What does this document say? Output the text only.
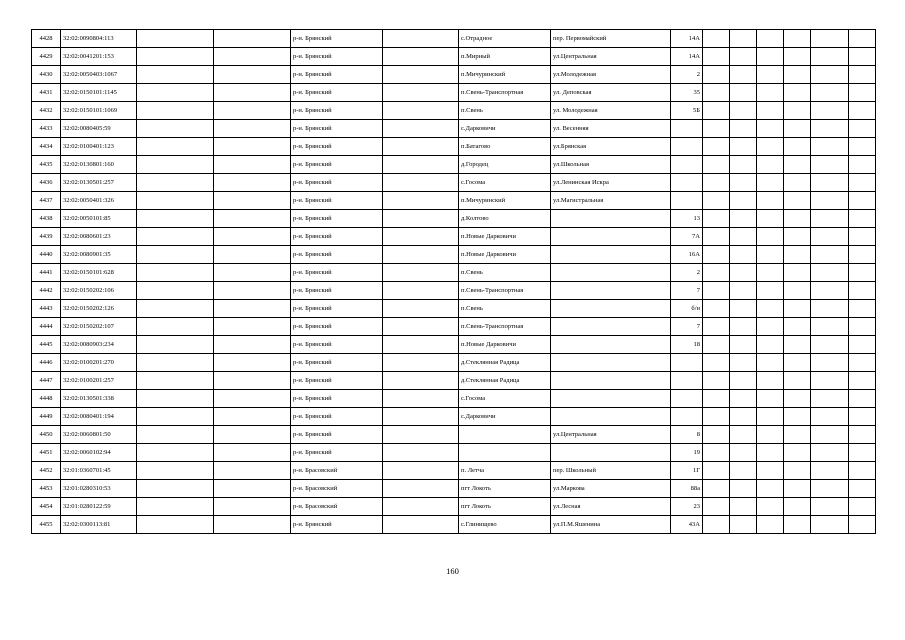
4428	32:02:0090804:113			р-н. Брянский		с.Отрадное	пер. Первомайский	14А						
4429	32:02:0041201:153			р-н. Брянский		п.Мирный	ул.Центральная	14А						
4430	32:02:0050403:1067			р-н. Брянский		п.Мичуринский	ул.Молодежная	2						
4431	32:02:0150101:1145			р-н. Брянский		п.Свень-Транспортная	ул. Деповская	35						
4432	32:02:0150101:1069			р-н. Брянский		п.Свень	ул. Молодежная	5Б						
4433	32:02:0080405:59			р-н. Брянский		с.Дарковичи	ул. Весенняя							
4434	32:02:0100401:123			р-н. Брянский		п.Батагово	ул.Брянская							
4435	32:02:0130801:160			р-н. Брянский		д.Городец	ул.Школьная							
4436	32:02:0130501:257			р-н. Брянский		с.Госома	ул.Ленинская Искра							
4437	32:02:0050401:326			р-н. Брянский		п.Мичуринский	ул.Магистральная							
4438	32:02:0050101:85			р-н. Брянский		д.Колтово		13						
4439	32:02:0080601:23			р-н. Брянский		п.Новые Дарковичи		7А						
4440	32:02:0080901:35			р-н. Брянский		п.Новые Дарковичи		16А						
4441	32:02:0150101:628			р-н. Брянский		п.Свень		2						
4442	32:02:0150202:106			р-н. Брянский		п.Свень-Транспортная		7						
4443	32:02:0150202:126			р-н. Брянский		п.Свень		б/н						
4444	32:02:0150202:107			р-н. Брянский		п.Свень-Транспортная		7						
4445	32:02:0080903:234			р-н. Брянский		п.Новые Дарковичи		18						
4446	32:02:0100201:270			р-н. Брянский		д.Стеклянная Радица								
4447	32:02:0100201:257			р-н. Брянский		д.Стеклянная Радица								
4448	32:02:0130501:338			р-н. Брянский		с.Госома								
4449	32:02:0080401:194			р-н. Брянский		с.Дарковичи								
4450	32:02:0060801:50			р-н. Брянский			ул.Центральная	8						
4451	32:02:0060102:94			р-н. Брянский				19						
4452	32:01:0360701:45			р-н. Брасовский		п. Летча	пер. Школьный	1Г						
4453	32:01:0280310:53			р-н. Брасовский		пгт Локоть	ул.Маркова	88а						
4454	32:01:0280122:59			р-н. Брасовский		пгт Локоть	ул.Лесная	23						
4455	32:02:0300113:81			р-н. Брянский		с.Глинищево	ул.П.М.Яшенина	43А						
160
